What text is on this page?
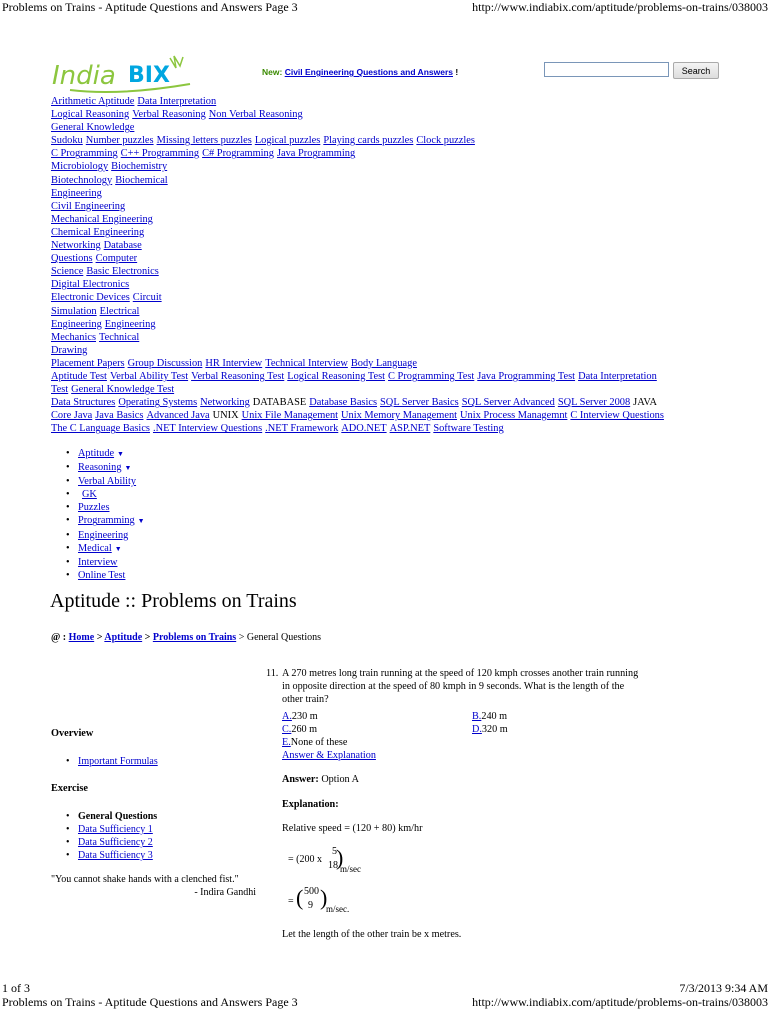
Problems on Trains - Aptitude Questions and Answers Page 3	http://www.indiabix.com/aptitude/problems-on-trains/038003
India BIX	New: Civil Engineering Questions and Answers !	Search
Arithmetic Aptitude Data Interpretation
Logical Reasoning Verbal Reasoning Non Verbal Reasoning
General Knowledge
Sudoku Number puzzles Missing letters puzzles Logical puzzles Playing cards puzzles Clock puzzles
C Programming C++ Programming C# Programming Java Programming
Microbiology Biochemistry
Biotechnology Biochemical
Engineering
Civil Engineering
Mechanical Engineering
Chemical Engineering
Networking Database
Questions Computer
Science Basic Electronics
Digital Electronics
Electronic Devices Circuit
Simulation Electrical
Engineering Engineering
Mechanics Technical
Drawing
Placement Papers Group Discussion HR Interview Technical Interview Body Language
Aptitude Test Verbal Ability Test Verbal Reasoning Test Logical Reasoning Test C Programming Test Java Programming Test Data Interpretation
Test General Knowledge Test
Data Structures Operating Systems Networking DATABASE Database Basics SQL Server Basics SQL Server Advanced SQL Server 2008 JAVA
Core Java Java Basics Advanced Java UNIX Unix File Management Unix Memory Management Unix Process Managemnt C Interview Questions
The C Language Basics .NET Interview Questions .NET Framework ADO.NET ASP.NET Software Testing
• Aptitude ▼
• Reasoning ▼
• Verbal Ability
• GK
• Puzzles
• Programming ▼
• Engineering
• Medical ▼
• Interview
• Online Test
Aptitude :: Problems on Trains
@ : Home > Aptitude > Problems on Trains > General Questions

Overview

• Important Formulas

Exercise

• General Questions
• Data Sufficiency 1
• Data Sufficiency 2
• Data Sufficiency 3
"You cannot shake hands with a clenched fist."
- Indira Gandhi
11. A 270 metres long train running at the speed of 120 kmph crosses another train running in opposite direction at the speed of 80 kmph in 9 seconds. What is the length of the other train?
A.230 m	B.240 m
C.260 m	D.320 m
E.None of these
Answer & Explanation
Answer: Option A
Explanation:
Relative speed = (120 + 80) km/hr
= (200 x
5
18 m/sec
)
= ( 500
9 )
m/sec.
Let the length of the other train be x metres.
1 of 3	7/3/2013 9:34 AM
Problems on Trains - Aptitude Questions and Answers Page 3	http://www.indiabix.com/aptitude/problems-on-trains/038003
